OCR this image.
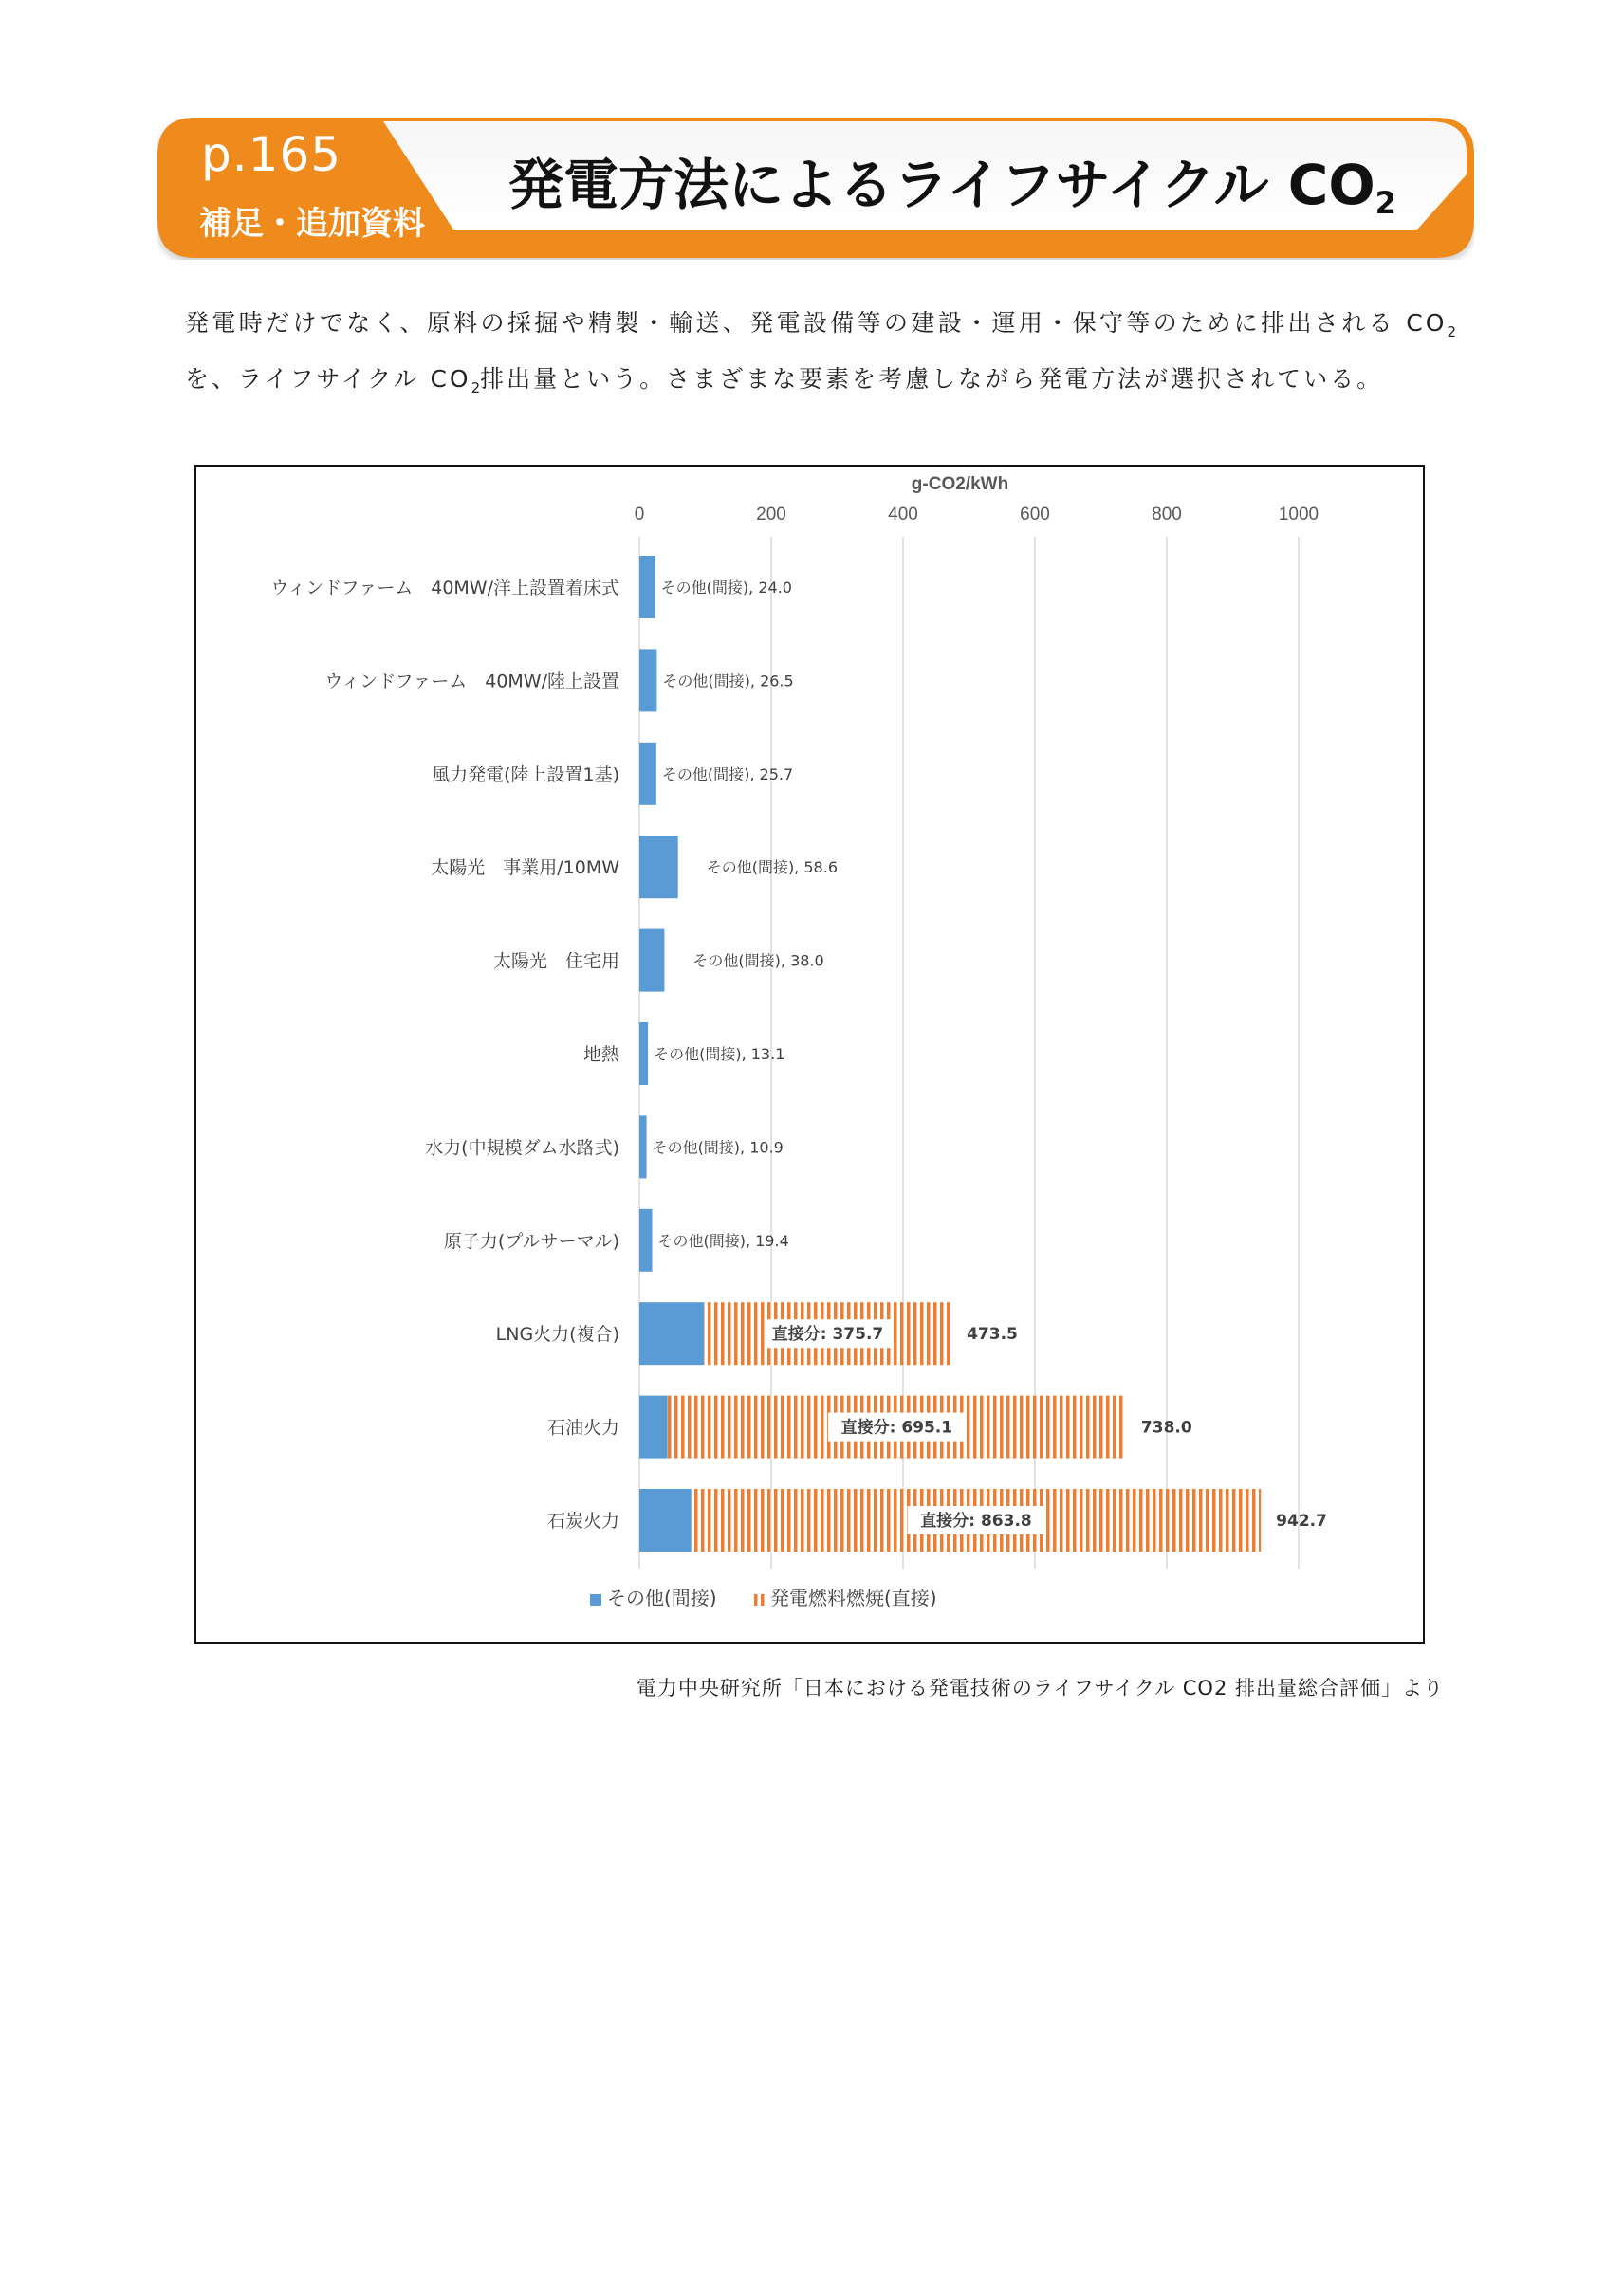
p.165
補足・追加資料
発電方法によるライフサイクル $CO_2$
発電時だけでなく、原料の採掘や精製・輸送、発電設備等の建設・運用・保守等のために排出される $CO_2$を、ライフサイクル $CO_2$排出量という。さまざまな要素を考慮しながら発電方法が選択されている。
g-CO2/kWh
0	200	400	600	800	1000
ウィンドファーム　40MW/洋上設置着床式	その他(間接), 24.0
ウィンドファーム　40MW/陸上設置	その他(間接), 26.5
風力発電(陸上設置1基)	その他(間接), 25.7
太陽光　事業用/10MW	その他(間接), 58.6
太陽光　住宅用	その他(間接), 38.0
地熱 その他(間接), 13.1
水力(中規模ダム水路式) その他(間接), 10.9
原子力(プルサーマル)	その他(間接), 19.4
LNG火力(複合)	直接分: 375.7	473.5
石油火力	直接分: 695.1	738.0
石炭火力	直接分: 863.8	942.7
その他(間接)	発電燃料燃焼(直接)
電力中央研究所「日本における発電技術のライフサイクル CO2 排出量総合評価」より
